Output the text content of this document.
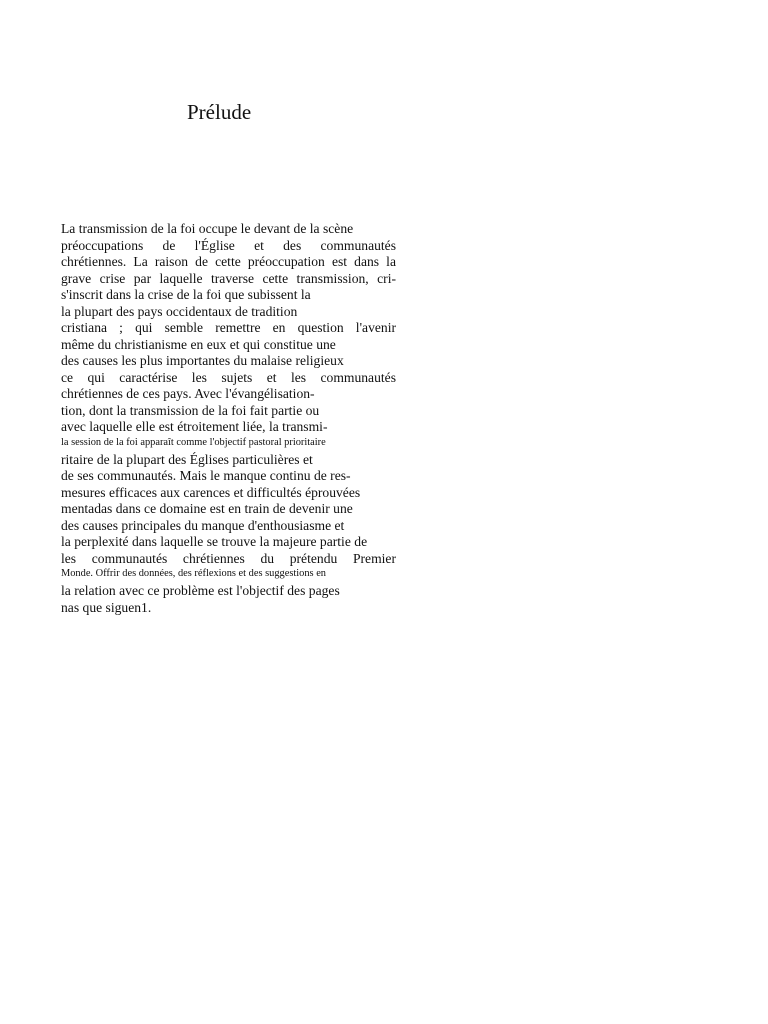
Prélude
La transmission de la foi occupe le devant de la scène
préoccupations de l'Église et des communautés
chrétiennes. La raison de cette préoccupation est dans la
grave crise par laquelle traverse cette transmission, cri-
s'inscrit dans la crise de la foi que subissent la
la plupart des pays occidentaux de tradition
cristiana ; qui semble remettre en question l'avenir
même du christianisme en eux et qui constitue une
des causes les plus importantes du malaise religieux
ce qui caractérise les sujets et les communautés
chrétiennes de ces pays. Avec l'évangélisation-
tion, dont la transmission de la foi fait partie ou
avec laquelle elle est étroitement liée, la transmi-
la session de la foi apparaît comme l'objectif pastoral prioritaire
ritaire de la plupart des Églises particulières et
de ses communautés. Mais le manque continu de res-
mesures efficaces aux carences et difficultés éprouvées
mentadas dans ce domaine est en train de devenir une
des causes principales du manque d'enthousiasme et
la perplexité dans laquelle se trouve la majeure partie de
les communautés chrétiennes du prétendu Premier
Monde. Offrir des données, des réflexions et des suggestions en
la relation avec ce problème est l'objectif des pages
nas que siguen1.
